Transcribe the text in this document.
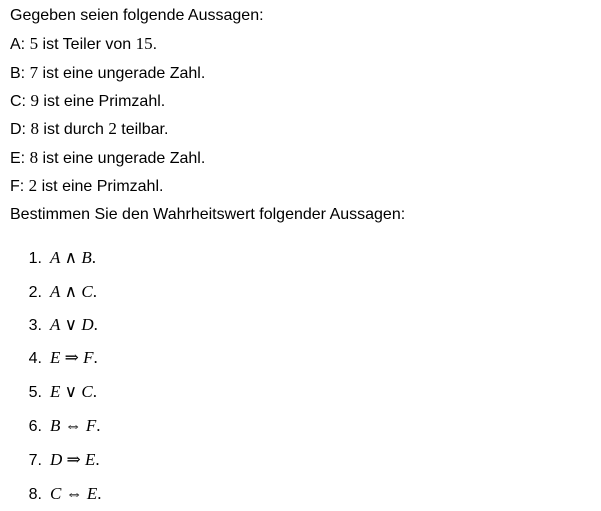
Gegeben seien folgende Aussagen:
A: 5 ist Teiler von 15.
B: 7 ist eine ungerade Zahl.
C: 9 ist eine Primzahl.
D: 8 ist durch 2 teilbar.
E: 8 ist eine ungerade Zahl.
F: 2 ist eine Primzahl.
Bestimmen Sie den Wahrheitswert folgender Aussagen:
1. A ∧ B.
2. A ∧ C.
3. A ∨ D.
4. E ⇒ F.
5. E ∨ C.
6. B ⇔ F.
7. D ⇒ E.
8. C ⇔ E.
